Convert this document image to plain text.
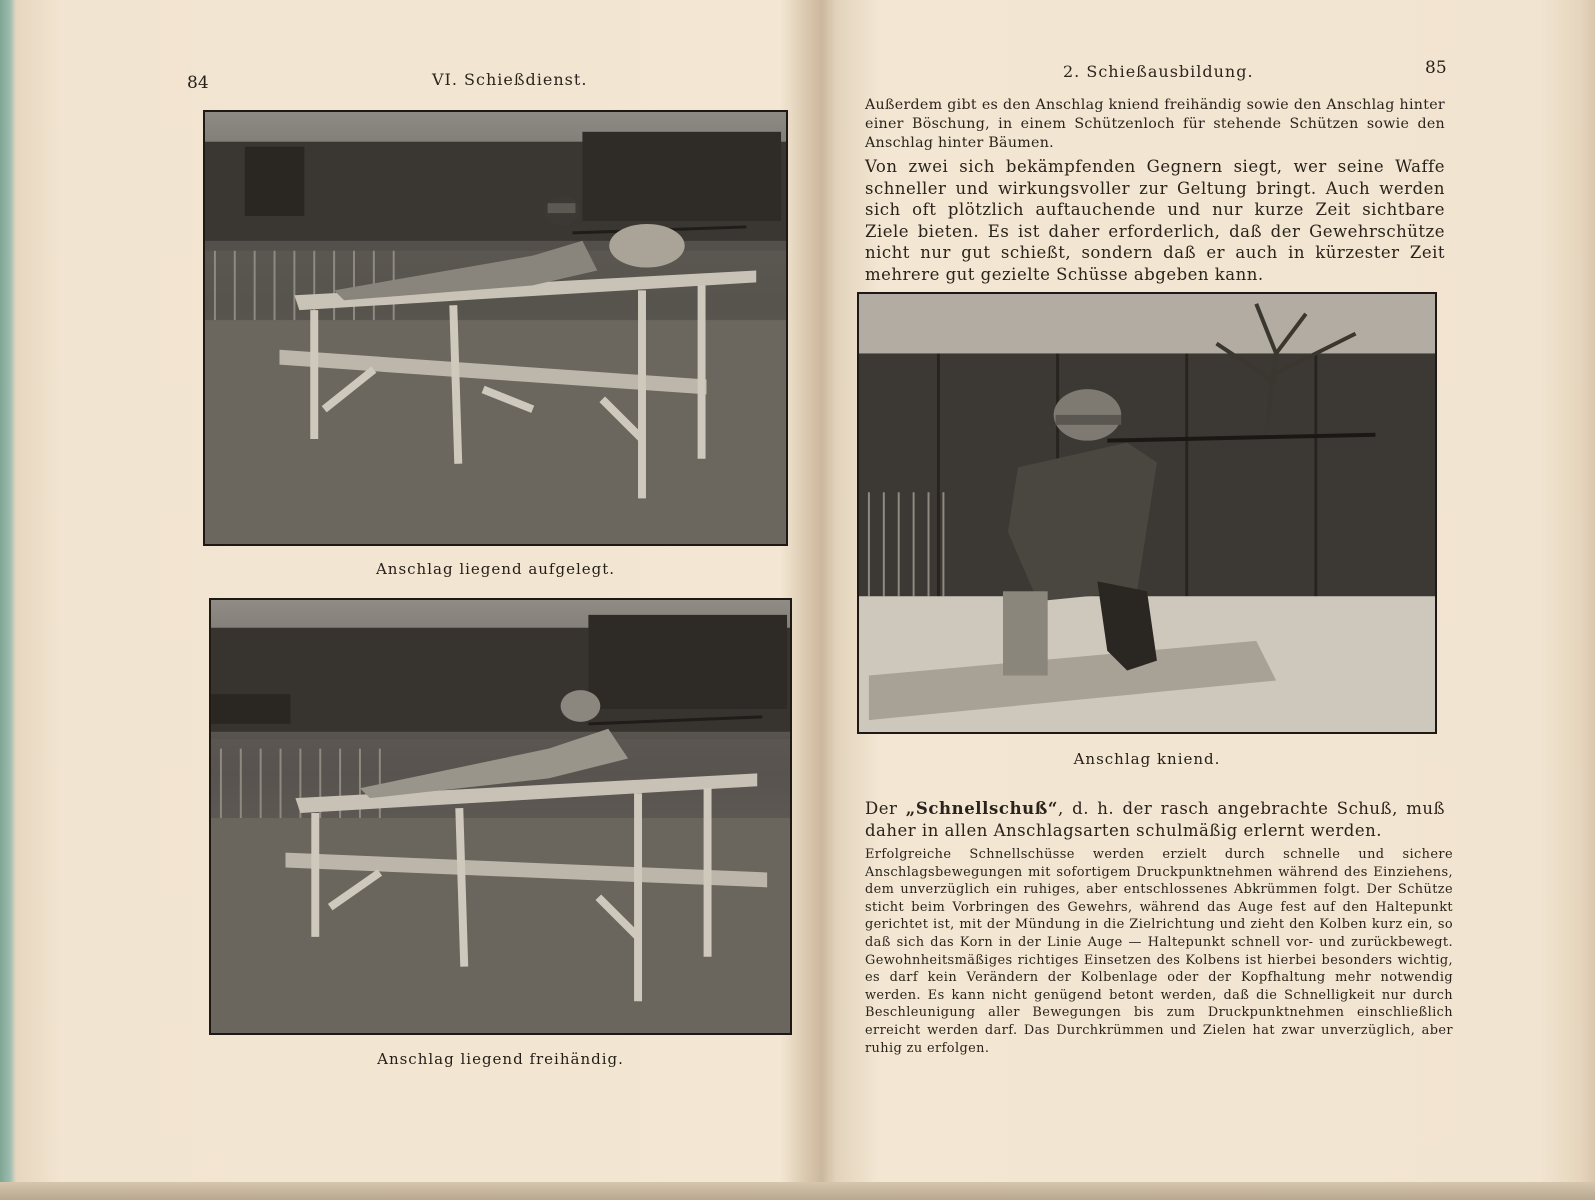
84	VI. Schießdienst.
Anschlag liegend aufgelegt.
Anschlag liegend freihändig.
2. Schießausbildung.	85

Außerdem gibt es den Anschlag kniend freihändig sowie den Anschlag hinter einer Böschung, in einem Schützenloch für stehende Schützen sowie den Anschlag hinter Bäumen.

Von zwei sich bekämpfenden Gegnern siegt, wer seine Waffe schneller und wirkungsvoller zur Geltung bringt. Auch werden sich oft plötzlich auftauchende und nur kurze Zeit sichtbare Ziele bieten. Es ist daher erforderlich, daß der Gewehrschütze nicht nur gut schießt, sondern daß er auch in kürzester Zeit mehrere gut gezielte Schüsse abgeben kann.

Anschlag kniend.

Der „Schnellschuß“, d. h. der rasch angebrachte Schuß, muß daher in allen Anschlagsarten schulmäßig erlernt werden.

Erfolgreiche Schnellschüsse werden erzielt durch schnelle und sichere Anschlagsbewegungen mit sofortigem Druckpunktnehmen während des Einziehens, dem unverzüglich ein ruhiges, aber entschlossenes Abkrümmen folgt. Der Schütze sticht beim Vorbringen des Gewehrs, während das Auge fest auf den Haltepunkt gerichtet ist, mit der Mündung in die Zielrichtung und zieht den Kolben kurz ein, so daß sich das Korn in der Linie Auge — Haltepunkt schnell vor- und zurückbewegt. Gewohnheitsmäßiges richtiges Einsetzen des Kolbens ist hierbei besonders wichtig, es darf kein Verändern der Kolbenlage oder der Kopfhaltung mehr notwendig werden. Es kann nicht genügend betont werden, daß die Schnelligkeit nur durch Beschleunigung aller Bewegungen bis zum Druckpunktnehmen einschließlich erreicht werden darf. Das Durchkrümmen und Zielen hat zwar unverzüglich, aber ruhig zu erfolgen.
